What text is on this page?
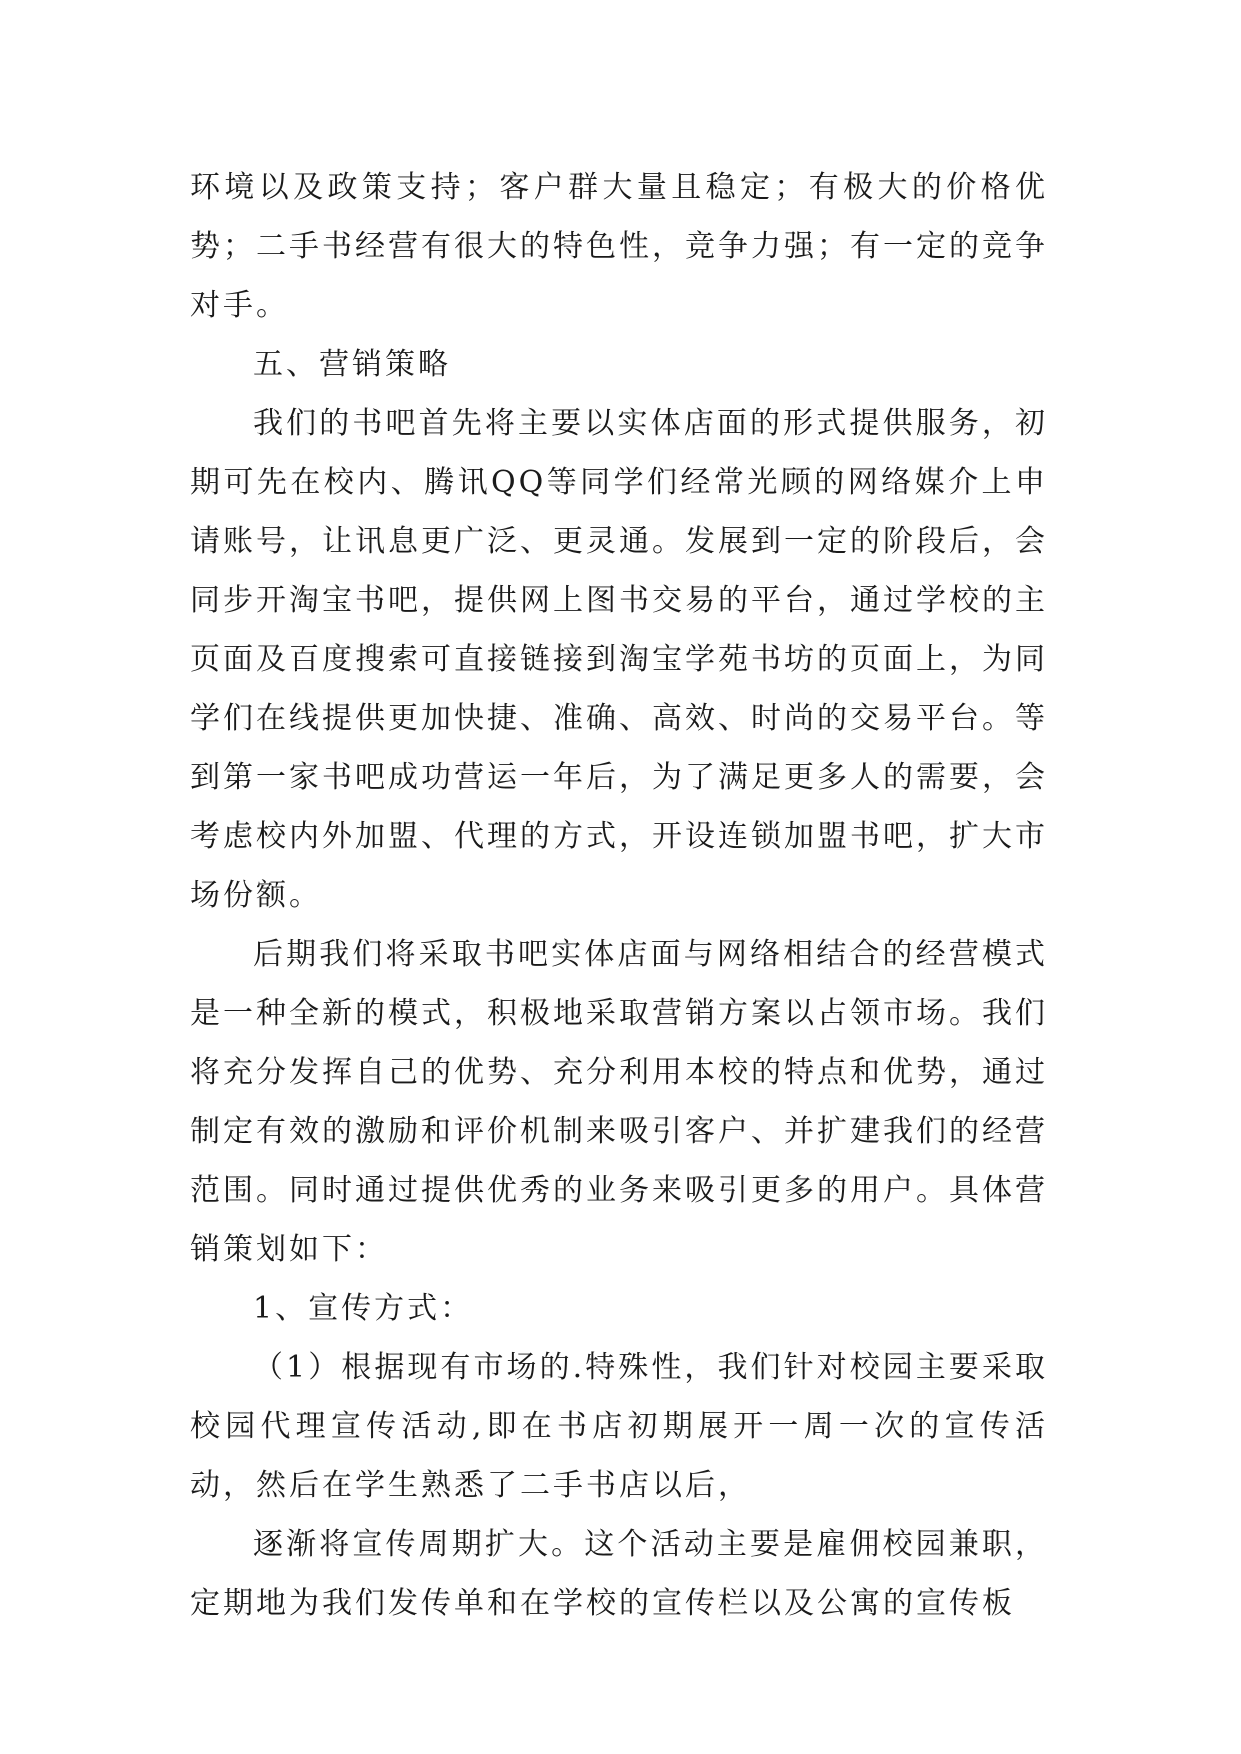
环境以及政策支持；客户群大量且稳定；有极大的价格优势；二手书经营有很大的特色性，竞争力强；有一定的竞争对手。

五、营销策略

我们的书吧首先将主要以实体店面的形式提供服务，初期可先在校内、腾讯QQ等同学们经常光顾的网络媒介上申请账号，让讯息更广泛、更灵通。发展到一定的阶段后，会同步开淘宝书吧，提供网上图书交易的平台，通过学校的主页面及百度搜索可直接链接到淘宝学苑书坊的页面上，为同学们在线提供更加快捷、准确、高效、时尚的交易平台。等到第一家书吧成功营运一年后，为了满足更多人的需要，会考虑校内外加盟、代理的方式，开设连锁加盟书吧，扩大市场份额。

后期我们将采取书吧实体店面与网络相结合的经营模式是一种全新的模式，积极地采取营销方案以占领市场。我们将充分发挥自己的优势、充分利用本校的特点和优势，通过制定有效的激励和评价机制来吸引客户、并扩建我们的经营范围。同时通过提供优秀的业务来吸引更多的用户。具体营销策划如下：

1、宣传方式：

（1）根据现有市场的.特殊性，我们针对校园主要采取校园代理宣传活动,即在书店初期展开一周一次的宣传活动，然后在学生熟悉了二手书店以后，

逐渐将宣传周期扩大。这个活动主要是雇佣校园兼职，定期地为我们发传单和在学校的宣传栏以及公寓的宣传板
